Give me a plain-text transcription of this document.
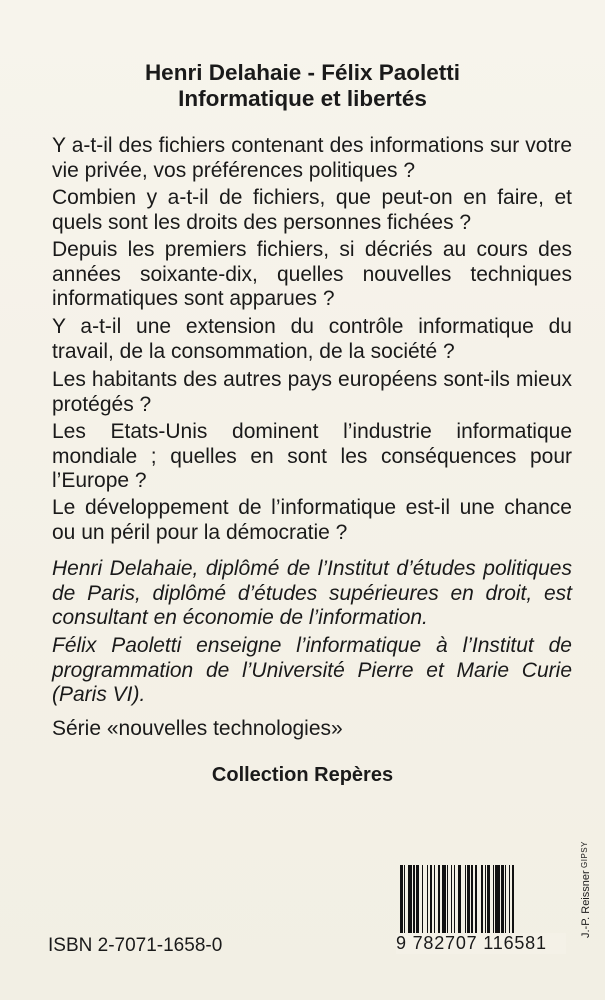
Henri Delahaie - Félix Paoletti
Informatique et libertés

Y a-t-il des fichiers contenant des informations sur votre vie privée, vos préférences politiques ?

Combien y a-t-il de fichiers, que peut-on en faire, et quels sont les droits des personnes fichées ?

Depuis les premiers fichiers, si décriés au cours des années soixante-dix, quelles nouvelles techniques informatiques sont apparues ?

Y a-t-il une extension du contrôle informatique du travail, de la consommation, de la société ?

Les habitants des autres pays européens sont-ils mieux protégés ?

Les Etats-Unis dominent l’industrie informatique mondiale ; quelles en sont les conséquences pour l’Europe ?

Le développement de l’informatique est-il une chance ou un péril pour la démocratie ?

Henri Delahaie, diplômé de l’Institut d’études politiques de Paris, diplômé d’études supérieures en droit, est consultant en économie de l’information.

Félix Paoletti enseigne l’informatique à l’Institut de programmation de l’Université Pierre et Marie Curie (Paris VI).

Série «nouvelles technologies»
Collection Repères
ISBN 2-7071-1658-0	9 782707 116581
J.-P. Reissner
GIPSY
